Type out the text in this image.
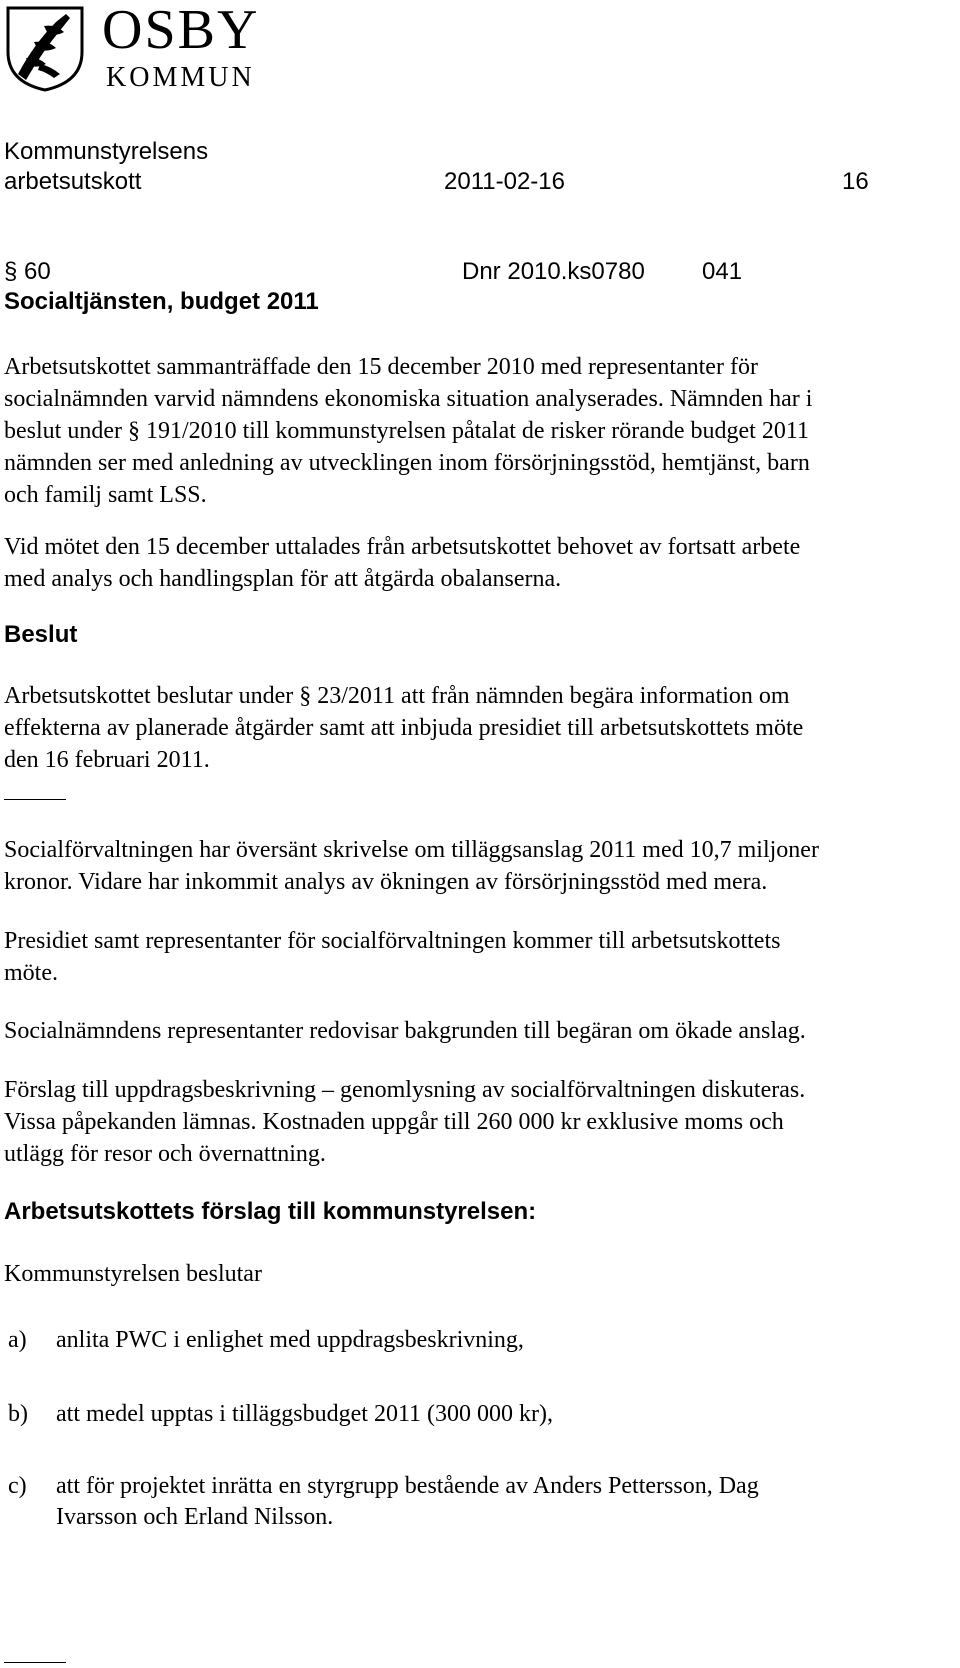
OSBY
KOMMUN
Kommunstyrelsens
arbetsutskott	2011-02-16	16
§ 60	Dnr 2010.ks0780 041
Socialtjänsten, budget 2011
Arbetsutskottet sammanträffade den 15 december 2010 med representanter för
socialnämnden varvid nämndens ekonomiska situation analyserades. Nämnden har i
beslut under § 191/2010 till kommunstyrelsen påtalat de risker rörande budget 2011
nämnden ser med anledning av utvecklingen inom försörjningsstöd, hemtjänst, barn
och familj samt LSS.
Vid mötet den 15 december uttalades från arbetsutskottet behovet av fortsatt arbete
med analys och handlingsplan för att åtgärda obalanserna.
Beslut
Arbetsutskottet beslutar under § 23/2011 att från nämnden begära information om
effekterna av planerade åtgärder samt att inbjuda presidiet till arbetsutskottets möte
den 16 februari 2011.
Socialförvaltningen har översänt skrivelse om tilläggsanslag 2011 med 10,7 miljoner
kronor. Vidare har inkommit analys av ökningen av försörjningsstöd med mera.
Presidiet samt representanter för socialförvaltningen kommer till arbetsutskottets
möte.
Socialnämndens representanter redovisar bakgrunden till begäran om ökade anslag.
Förslag till uppdragsbeskrivning – genomlysning av socialförvaltningen diskuteras.
Vissa påpekanden lämnas. Kostnaden uppgår till 260 000 kr exklusive moms och
utlägg för resor och övernattning.
Arbetsutskottets förslag till kommunstyrelsen:
Kommunstyrelsen beslutar
a) anlita PWC i enlighet med uppdragsbeskrivning,
b) att medel upptas i tilläggsbudget 2011 (300 000 kr),
c) att för projektet inrätta en styrgrupp bestående av Anders Pettersson, Dag
Ivarsson och Erland Nilsson.
